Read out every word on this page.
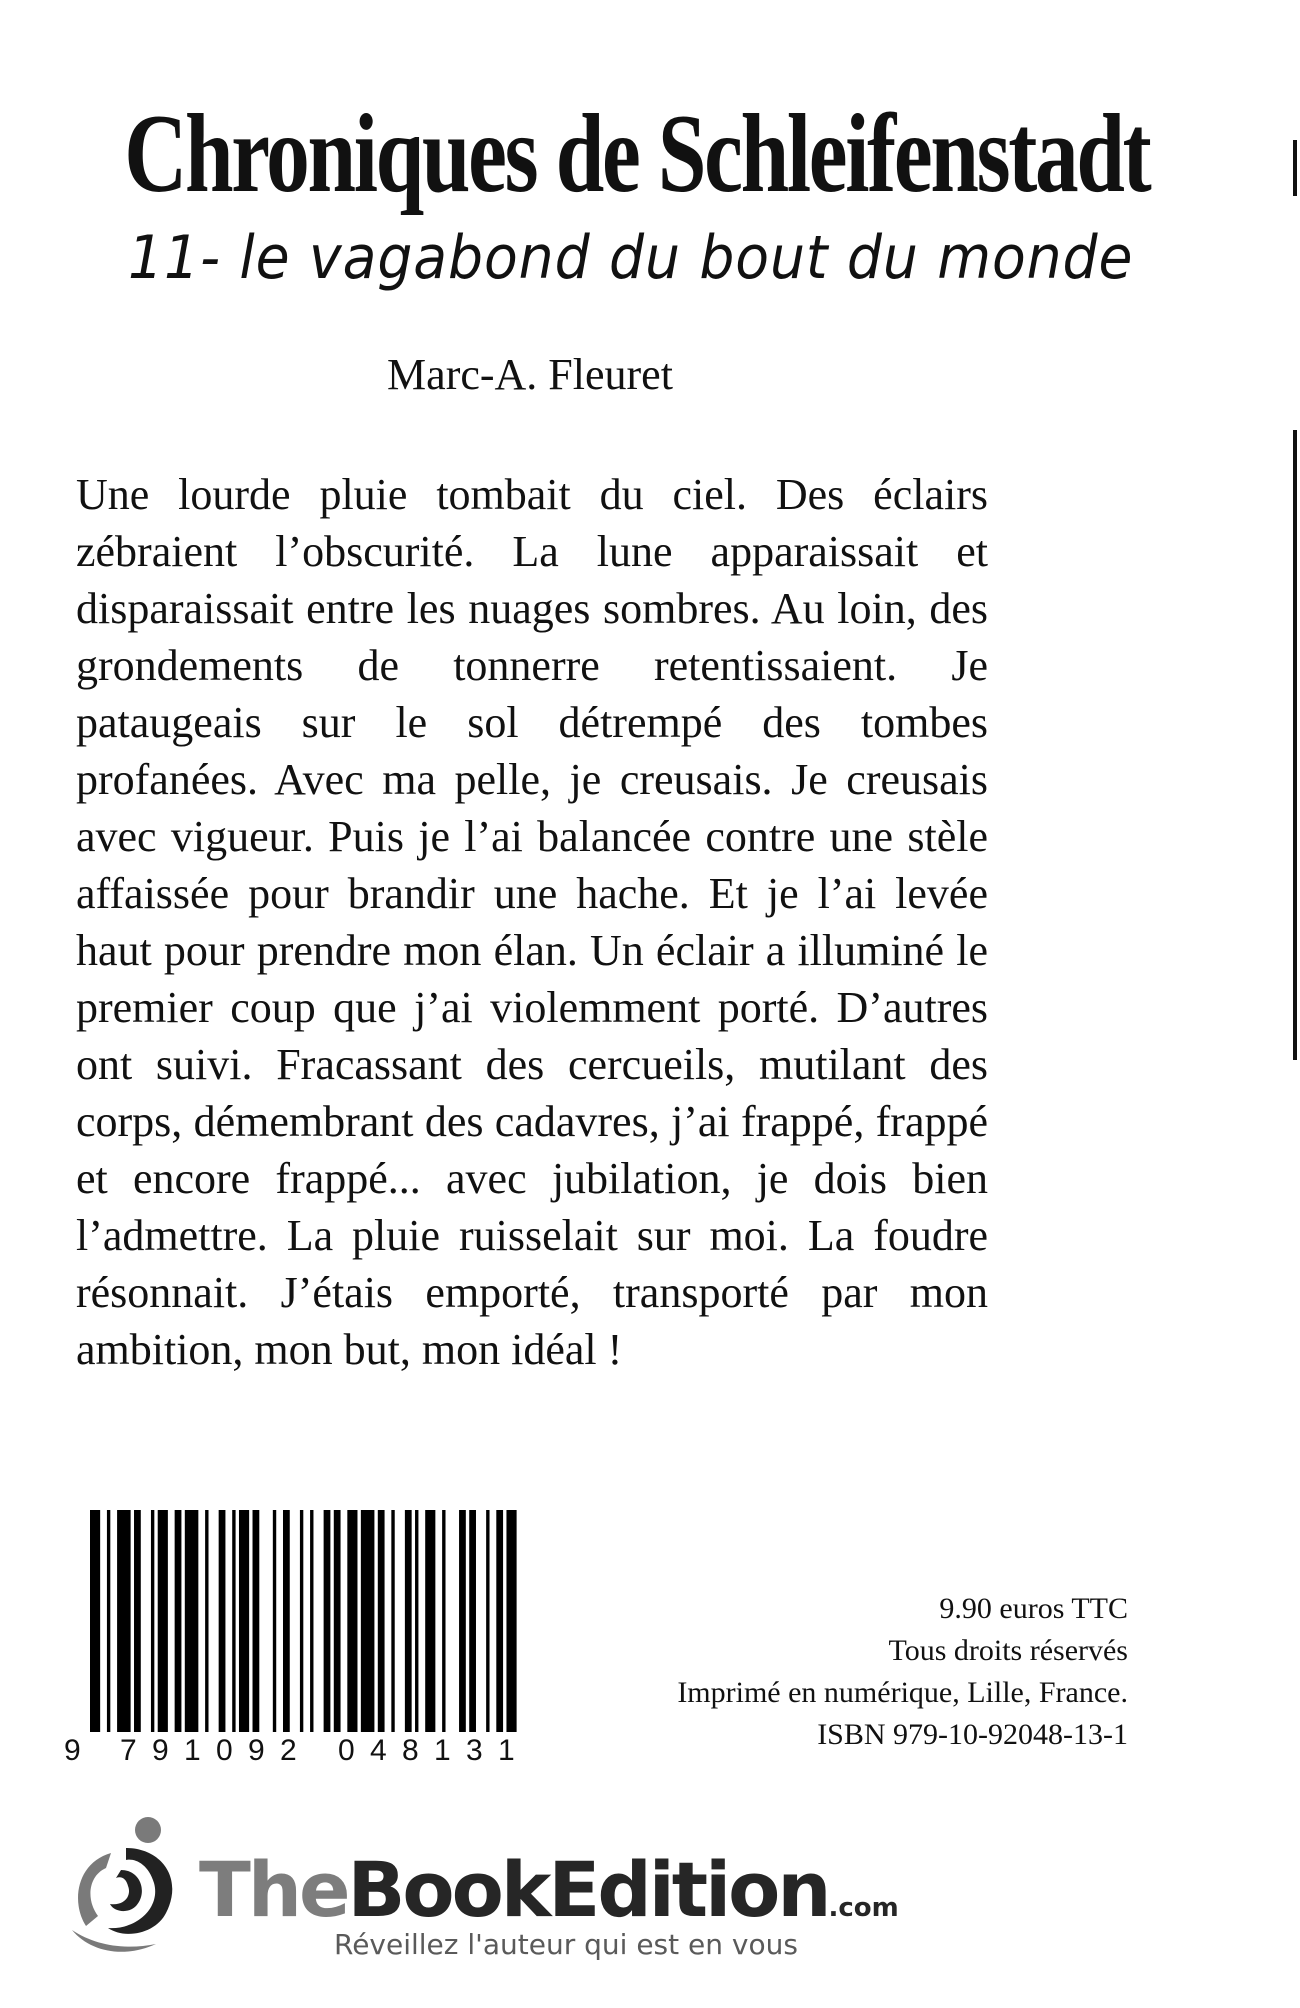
Chroniques de Schleifenstadt
11- le vagabond du bout du monde
Marc-A. Fleuret

Une lourde pluie tombait du ciel. Des éclairs zébraient l’obscurité. La lune apparaissait et disparaissait entre les nuages sombres. Au loin, des grondements de tonnerre retentissaient. Je pataugeais sur le sol détrempé des tombes profanées. Avec ma pelle, je creusais. Je creusais avec vigueur. Puis je l’ai balancée contre une stèle affaissée pour brandir une hache. Et je l’ai levée haut pour prendre mon élan. Un éclair a illuminé le premier coup que j’ai violemment porté. D’autres ont suivi. Fracassant des cercueils, mutilant des corps, démembrant des cadavres, j’ai frappé, frappé et encore frappé... avec jubilation, je dois bien l’admettre. La pluie ruisselait sur moi. La foudre résonnait. J’étais emporté, transporté par mon ambition, mon but, mon idéal !

9 7 9 1 0 9 2 0 4 8 1 3 1
9.90 euros TTC
Tous droits réservés
Imprimé en numérique, Lille, France.
ISBN 979-10-92048-13-1
TheBookEdition.com
Réveillez l'auteur qui est en vous
